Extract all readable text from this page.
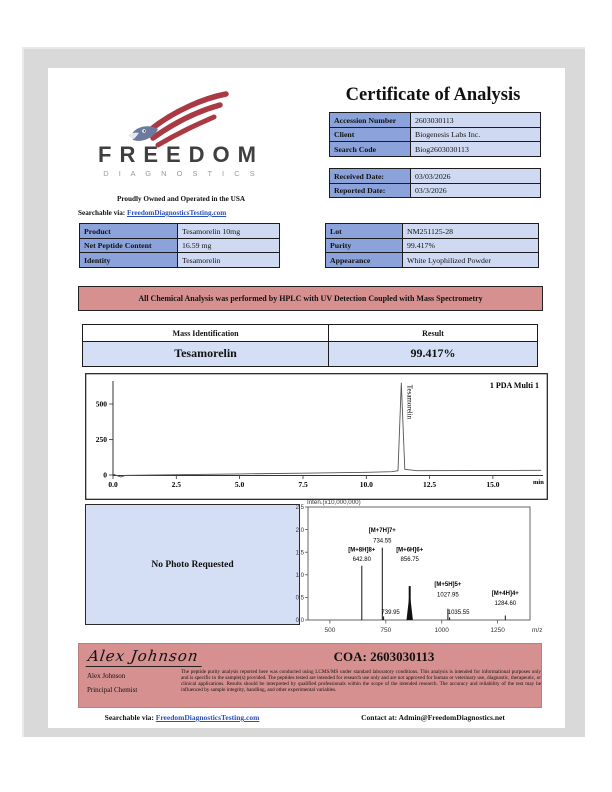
FREEDOM
D I A G N O S T I C S
Proudly Owned and Operated in the USA
Searchable via: FreedomDiagnosticsTesting.com
Certificate of Analysis
Accession Number	2603030113
Client	Biogenesis Labs Inc.
Search Code	Biog2603030113
Received Date:	03/03/2026
Reported Date:	03/3/2026
Product	Tesamorelin 10mg
Net Peptide Content	16.59 mg
Identity	Tesamorelin
Lot	NM251125-28
Purity	99.417%
Appearance	White Lyophilized Powder
All Chemical Analysis was performed by HPLC with UV Detection Coupled with Mass Spectrometry
Mass Identification	Result
Tesamorelin	99.417%
0
250
500
0.0	2.5	5.0	7.5	10.0	12.5	15.0	min
1 PDA Multi 1
Tesamorelin
No Photo Requested
Inten.(x10,000,000)
0.0
0.5
1.0
1.5
2.0
2.5
500	750	1000	1250	m/z
[M+8H]8+
642.80
[M+7H]7+
734.55
739.95
[M+6H]6+
856.75
[M+5H]5+
1027.95
1035.55
[M+4H]4+
1284.60
Alex Johnson
Alex Johnson
Principal Chemist
COA: 2603030113
The peptide purity analysis reported here was conducted using LCMS/MS under standard laboratory conditions. This analysis is intended for informational purposes only and is specific to the sample(s) provided. The peptides tested are intended for research use only and are not approved for human or veterinary use, diagnostic, therapeutic, or clinical applications. Results should be interpreted by qualified professionals within the scope of the intended research. The accuracy and reliability of the test may be influenced by sample integrity, handling, and other experimental variables.
Searchable via: FreedomDiagnosticsTesting.com	Contact at: Admin@FreedomDiagnostics.net
